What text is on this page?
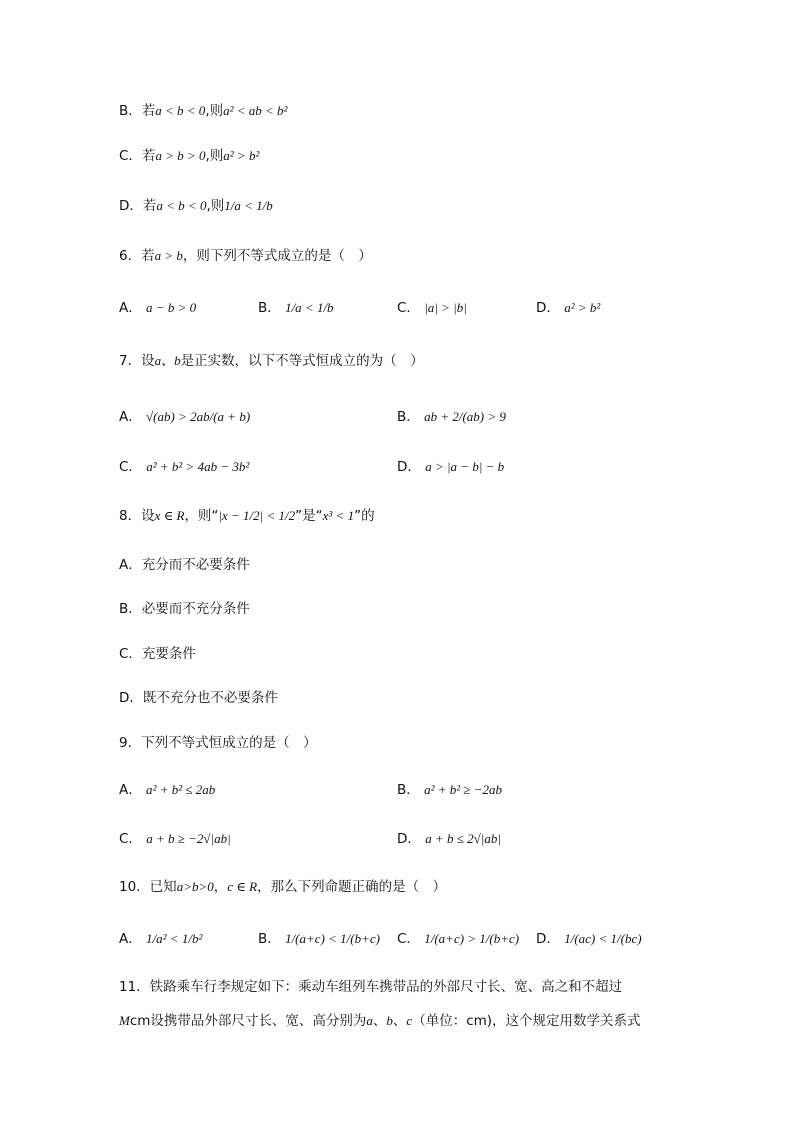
B．若a < b < 0,则a² < ab < b²
C．若a > b > 0,则a² > b²
D．若a < b < 0,则1/a < 1/b
6．若a > b，则下列不等式成立的是（　）
A． a − b > 0	B． 1/a < 1/b	C． |a| > |b|	D． a² > b²
7．设a、b是正实数，以下不等式恒成立的为（　）
A． √(ab) > 2ab/(a + b)	B． ab + 2/(ab) > 9
C． a² + b² > 4ab − 3b²	D． a > |a − b| − b
8．设x ∈ R，则“|x − 1/2| < 1/2”是“x³ < 1”的
A．充分而不必要条件
B．必要而不充分条件
C．充要条件
D．既不充分也不必要条件
9．下列不等式恒成立的是（　）
A． a² + b² ≤ 2ab	B． a² + b² ≥ −2ab
C． a + b ≥ −2√|ab|	D． a + b ≤ 2√|ab|
10．已知a>b>0，c ∈ R，那么下列命题正确的是（　）
A． 1/a² < 1/b²	B． 1/(a+c) < 1/(b+c) C． 1/(a+c) > 1/(b+c) D． 1/(ac) < 1/(bc)
11．铁路乘车行李规定如下：乘动车组列车携带品的外部尺寸长、宽、高之和不超过
Mcm设携带品外部尺寸长、宽、高分别为a、b、c（单位：cm)，这个规定用数学关系式
